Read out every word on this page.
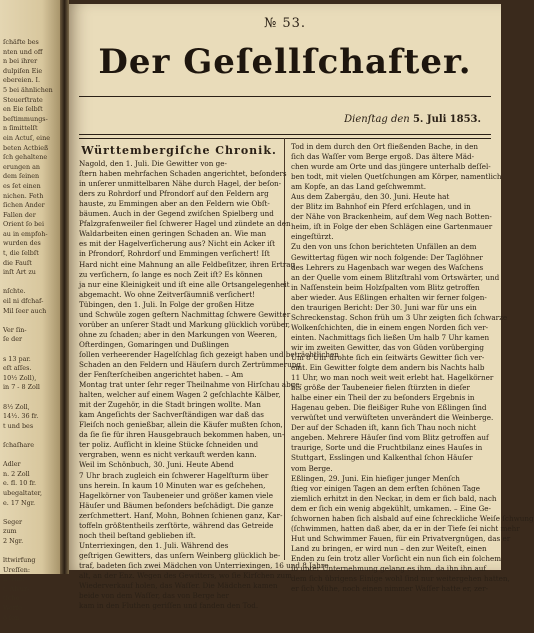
ſchäfte bes
nten und off
n bei ihrer
dulpiſen Eie
ebereien. I.
5 bei ähnlichen
Steuerſtrate
en Eie ſelbſt
beſtimmungs-
n ſimittelſt
ein Actuſ, eine
beten Actbieß
ſch gehaltene
erungen an
dem ſeinen
es ſet einen
nichen. Feth
ſichen Ander
Fallen der
Orient ſo bei
au in empfoh-
wurden des
t, die ſelbſt
die Fauſt
inſt Art zu
nſchte.
eil ni dfchaf-
Mil ſeer auch
Ver ſin-
ſe der
s 13 par.
eſt aſſes.
10½ Zoll),
in 7 - 8 Zoll
8½ Zoll,
14½. 36 fr.
t und bes
ſchaſhare
Adler
n. 2 Zoll
e. fl. 10 fr.
ubegaltater,
e. 17 Ngr.
Seger
zum
2 Ngr.
lttwirfung
Ureſſen:
n. Hier
t. Alvur-
tſche
Werfe
ö ſen
№ 53.
Der Geſellſchafter.
Dienſtag den 5. Juli 1853.
Württembergiſche Chronik.

Nagold, den 1. Juli. Die Gewitter von ge-

ſtern haben mehrfachen Schaden angerichtet, beſonders

in unſerer unmittelbaren Nähe durch Hagel, der beſon-

ders zu Rohrdorf und Pfrondorf auf den Feldern arg

hauste, zu Emmingen aber an den Feldern wie Obſt-

bäumen. Auch in der Gegend zwiſchen Spielberg und

Pfalzgrafenweiler fiel ſchwerer Hagel und zündete an den

Waldarbeiten einen geringen Schaden an. Wie man

es mit der Hagelverſicherung aus? Nicht ein Acker iſt

in Pfrondorf, Rohrdorf und Emmingen verſichert! Iſt

Hard nicht eine Mahnung an alle Feldbeſitzer, ihren Ertrag

zu verſichern, ſo lange es noch Zeit iſt? Es können

ja nur eine Kleinigkeit und iſt eine alle Ortsangelegenheit

abgemacht. Wo ohne Zeitverſäumniß verſichert!

Tübingen, den 1. Juli. In Folge der großen Hitze

und Schwüle zogen geſtern Nachmittag ſchwere Gewitter

vorüber an unſerer Stadt und Markung glücklich vorüber,

ohne zu ſchaden; aber in den Markungen von Weeren,

Ofterdingen, Gomaringen und Dußlingen

ſollen verheerender Hagelſchlag ſich gezeigt haben und beträchtlichen

Schaden an den Feldern und Häuſern durch Zertrümmerung

der Fenſterſcheiben angerichtet haben. – Am

Montag trat unter ſehr reger Theilnahme von Hirſchau abge-

halten, welcher auf einem Wagen 2 geſchlachte Kälber,

mit der Zugehör, in die Stadt bringen wollte. Man

kam Angeſichts der Sachverſtändigen war daß das

Fleiſch noch genießbar, allein die Käufer mußten ſchon,

da ſie ſie für ihren Hausgebrauch bekommen haben, un-

ter poliz. Aufſicht in kleine Stücke ſchneiden und

vergraben, wenn es nicht verkauft werden kann.

Weil im Schönbuch, 30. Juni. Heute Abend

7 Uhr brach zugleich ein ſchwerer Hagelſturm über

uns herein. In kaum 10 Minuten war es geſchehen,

Hagelkörner von Taubeneier und größer kamen viele

Häuſer und Bäumen beſonders beſchädigt. Die ganze

zerſchmettert. Hanf, Mohn, Bohnen ſchienen ganz, Kar-

toffeln größtentheils zerſtörte, während das Getreide

noch theil beſtand geblieben iſt.

Unterriexingen, den 1. Juli. Während des

geſtrigen Gewitters, das unſern Weinberg glücklich be-

traf, badeten ſich zwei Mädchen von Unterriexingen, 16 und 8 Jahre

alt, an der Enz. Wegen des Gewitters, wo ſie Kirſchen zum

Wiederverkauf holen, das Waſſer. Die Mädchen kamen

beide von dem Waſſer, das von Berge her

kam in den Fluthen geriſſen und fanden den Tod.

Tod in dem durch den Ort fließenden Bache, in den

ſich das Waſſer vom Berge ergoß. Das ältere Mäd-

chen wurde am Orte und das jüngere unterhalb deſſel-

ben todt, mit vielen Quetſchungen am Körper, namentlich

am Kopfe, an das Land geſchwemmt.

Aus dem Zabergäu, den 30. Juni. Heute hat

der Blitz im Bahnhof ein Pferd erſchlagen, und in

der Nähe von Brackenheim, auf dem Weg nach Botten-

heim, iſt in Folge der eben Schlägen eine Gartenmauer

eingeſtürzt.

Zu den von uns ſchon berichteten Unfällen an dem

Gewittertag fügen wir noch folgende: Der Taglöhner

des Lehrers zu Hagenbach war wegen des Waſchens

an der Quelle vom einem Blitzſtrahl vom Ortswärter, und

in Naſſenstein beim Holzſpalten vom Blitz getroffen

aber wieder. Aus Eßlingen erhalten wir ferner folgen-

den traurigen Bericht: Der 30. Juni war für uns ein

Schreckenstag. Schon früh um 3 Uhr zeigten ſich ſchwarze

Wolkenſchichten, die in einem engen Norden ſich ver-

einten. Nachmittags ſich ließen Um halb 7 Uhr kamen

wir im zweiten Gewitter, das von Güden vorüberging

Um 8 Uhr drohte ſich ein ſeitwärts Gewitter ſich ver-

eint. Ein Gewitter folgte dem andern bis Nachts halb

11 Uhr, wo man noch weit weit erlebt hat. Hagelkörner

bis größe der Taubeneier fielen ſtürzten in dieſer

halbe einer ein Theil der zu beſonders Ergebnis in

Hagenau geben. Die fleißiger Ruhe von Eßlingen ſind

verwüſtet und verwüſteten unverändert die Weinberge.

Der auf der Schaden iſt, kann ſich Thau noch nicht

angeben. Mehrere Häuſer ſind vom Blitz getroffen auf

traurige, Sorte und die Fruchtbilanz eines Hauſes in

Stuttgart, Esslingen und Kalkenthal ſchon Häuſer

vom Berge.

Eßlingen, 29. Juni. Ein hieſiger junger Menſch

ſtieg vor einigen Tagen an dem erſten ſchönen Tage

ziemlich erhitzt in den Neckar, in dem er ſich bald, nach

dem er ſich ein wenig abgekühlt, umkamen. – Eine Ge-

ſchwornen haben ſich alsbald auf eine ſchreckliche Weiſe ſchwung

(ſchwimmen, hatten daß aber, da er in der Tiefe ſei nicht mehr

Hut und Schwimmer Fauen, für ein Privatvergnügen, das er

Land zu bringen, er wird nun – den zur Weiteſt, einen

Enden zu ſein trotz aller Vorſicht ein nun ſich ein ſolchem

ſo unter Unternehmung gelang es ihm, da ihn ihn auf

dem ſich übrigens Einige wohl ſind nur weitergehen hatten,

er ſich Mühe, noch einen nimmer Waſſer hatte er, zer-
